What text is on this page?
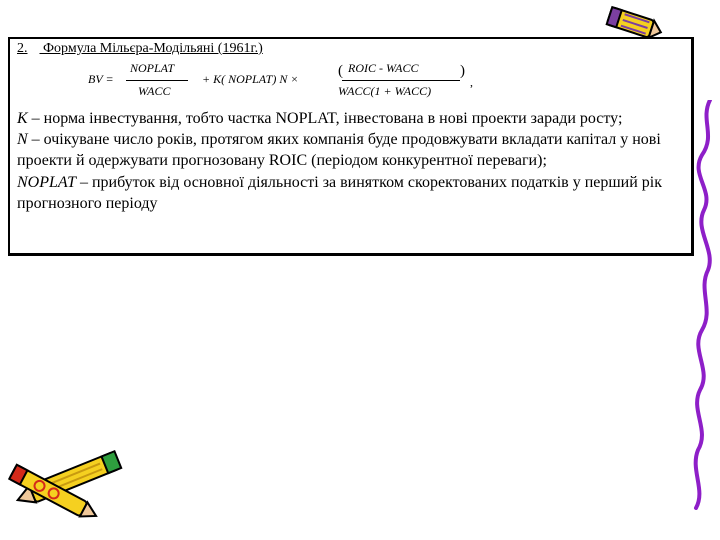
2. Формула Мільєра-Модільяні (1961г.)
BV =
NOPLAT
WACC
+ K( NOPLAT) N ×	( ROIC - WACC
WACC(1 + WACC)
)
,

K – норма інвестування, тобто частка NOPLAT, інвестована в нові проекти заради росту;

N – очікуване число років, протягом яких компанія буде продовжувати вкладати капітал у нові проекти й одержувати прогнозовану ROIC (періодом конкурентної переваги);

NOPLAT – прибуток від основної діяльності за винятком скоректованих податків у перший рік прогнозного періоду
